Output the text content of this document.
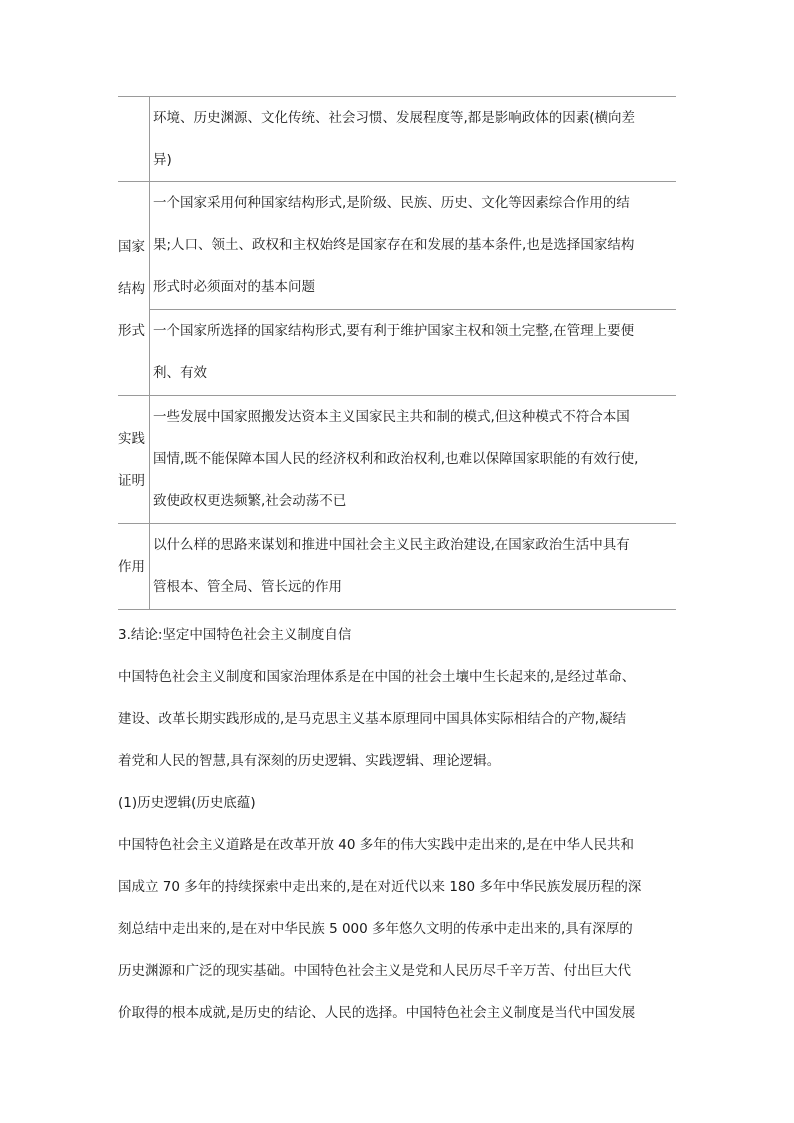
环境、历史渊源、文化传统、社会习惯、发展程度等,都是影响政体的因素(横向差
异)
国家结构形式
一个国家采用何种国家结构形式,是阶级、民族、历史、文化等因素综合作用的结
果;人口、领土、政权和主权始终是国家存在和发展的基本条件,也是选择国家结构
形式时必须面对的基本问题
一个国家所选择的国家结构形式,要有利于维护国家主权和领土完整,在管理上要便
利、有效
实践证明
一些发展中国家照搬发达资本主义国家民主共和制的模式,但这种模式不符合本国
国情,既不能保障本国人民的经济权利和政治权利,也难以保障国家职能的有效行使,
致使政权更迭频繁,社会动荡不已
作用
以什么样的思路来谋划和推进中国社会主义民主政治建设,在国家政治生活中具有
管根本、管全局、管长远的作用
3.结论:坚定中国特色社会主义制度自信
中国特色社会主义制度和国家治理体系是在中国的社会土壤中生长起来的,是经过革命、
建设、改革长期实践形成的,是马克思主义基本原理同中国具体实际相结合的产物,凝结
着党和人民的智慧,具有深刻的历史逻辑、实践逻辑、理论逻辑。
(1)历史逻辑(历史底蕴)
中国特色社会主义道路是在改革开放 40 多年的伟大实践中走出来的,是在中华人民共和
国成立 70 多年的持续探索中走出来的,是在对近代以来 180 多年中华民族发展历程的深
刻总结中走出来的,是在对中华民族 5 000 多年悠久文明的传承中走出来的,具有深厚的
历史渊源和广泛的现实基础。中国特色社会主义是党和人民历尽千辛万苦、付出巨大代
价取得的根本成就,是历史的结论、人民的选择。中国特色社会主义制度是当代中国发展
